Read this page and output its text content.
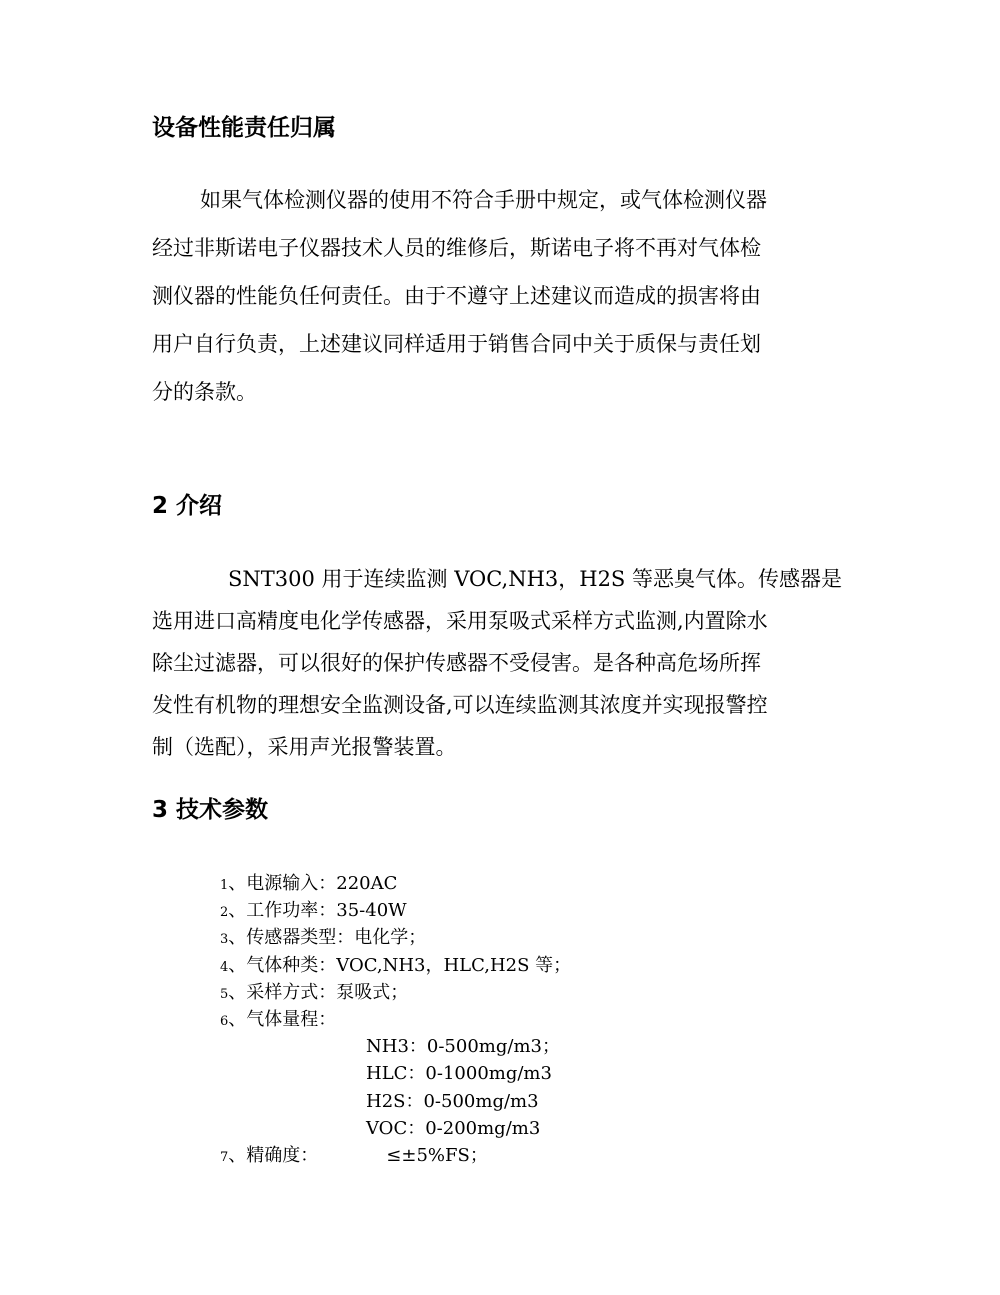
设备性能责任归属
如果气体检测仪器的使用不符合手册中规定，或气体检测仪器
经过非斯诺电子仪器技术人员的维修后，斯诺电子将不再对气体检
测仪器的性能负任何责任。由于不遵守上述建议而造成的损害将由
用户自行负责，上述建议同样适用于销售合同中关于质保与责任划
分的条款。
2 介绍
SNT300 用于连续监测 VOC,NH3，H2S 等恶臭气体。传感器是
选用进口高精度电化学传感器，采用泵吸式采样方式监测,内置除水
除尘过滤器，可以很好的保护传感器不受侵害。是各种高危场所挥
发性有机物的理想安全监测设备,可以连续监测其浓度并实现报警控
制（选配），采用声光报警装置。
3 技术参数
1、电源输入：220AC
2、工作功率：35-40W
3、传感器类型：电化学；
4、气体种类：VOC,NH3，HLC,H2S 等；
5、采样方式：泵吸式；
6、气体量程：
NH3：0-500mg/m3；
HLC：0-1000mg/m3
H2S：0-500mg/m3
VOC：0-200mg/m3
7、精确度：	≤±5%FS；
